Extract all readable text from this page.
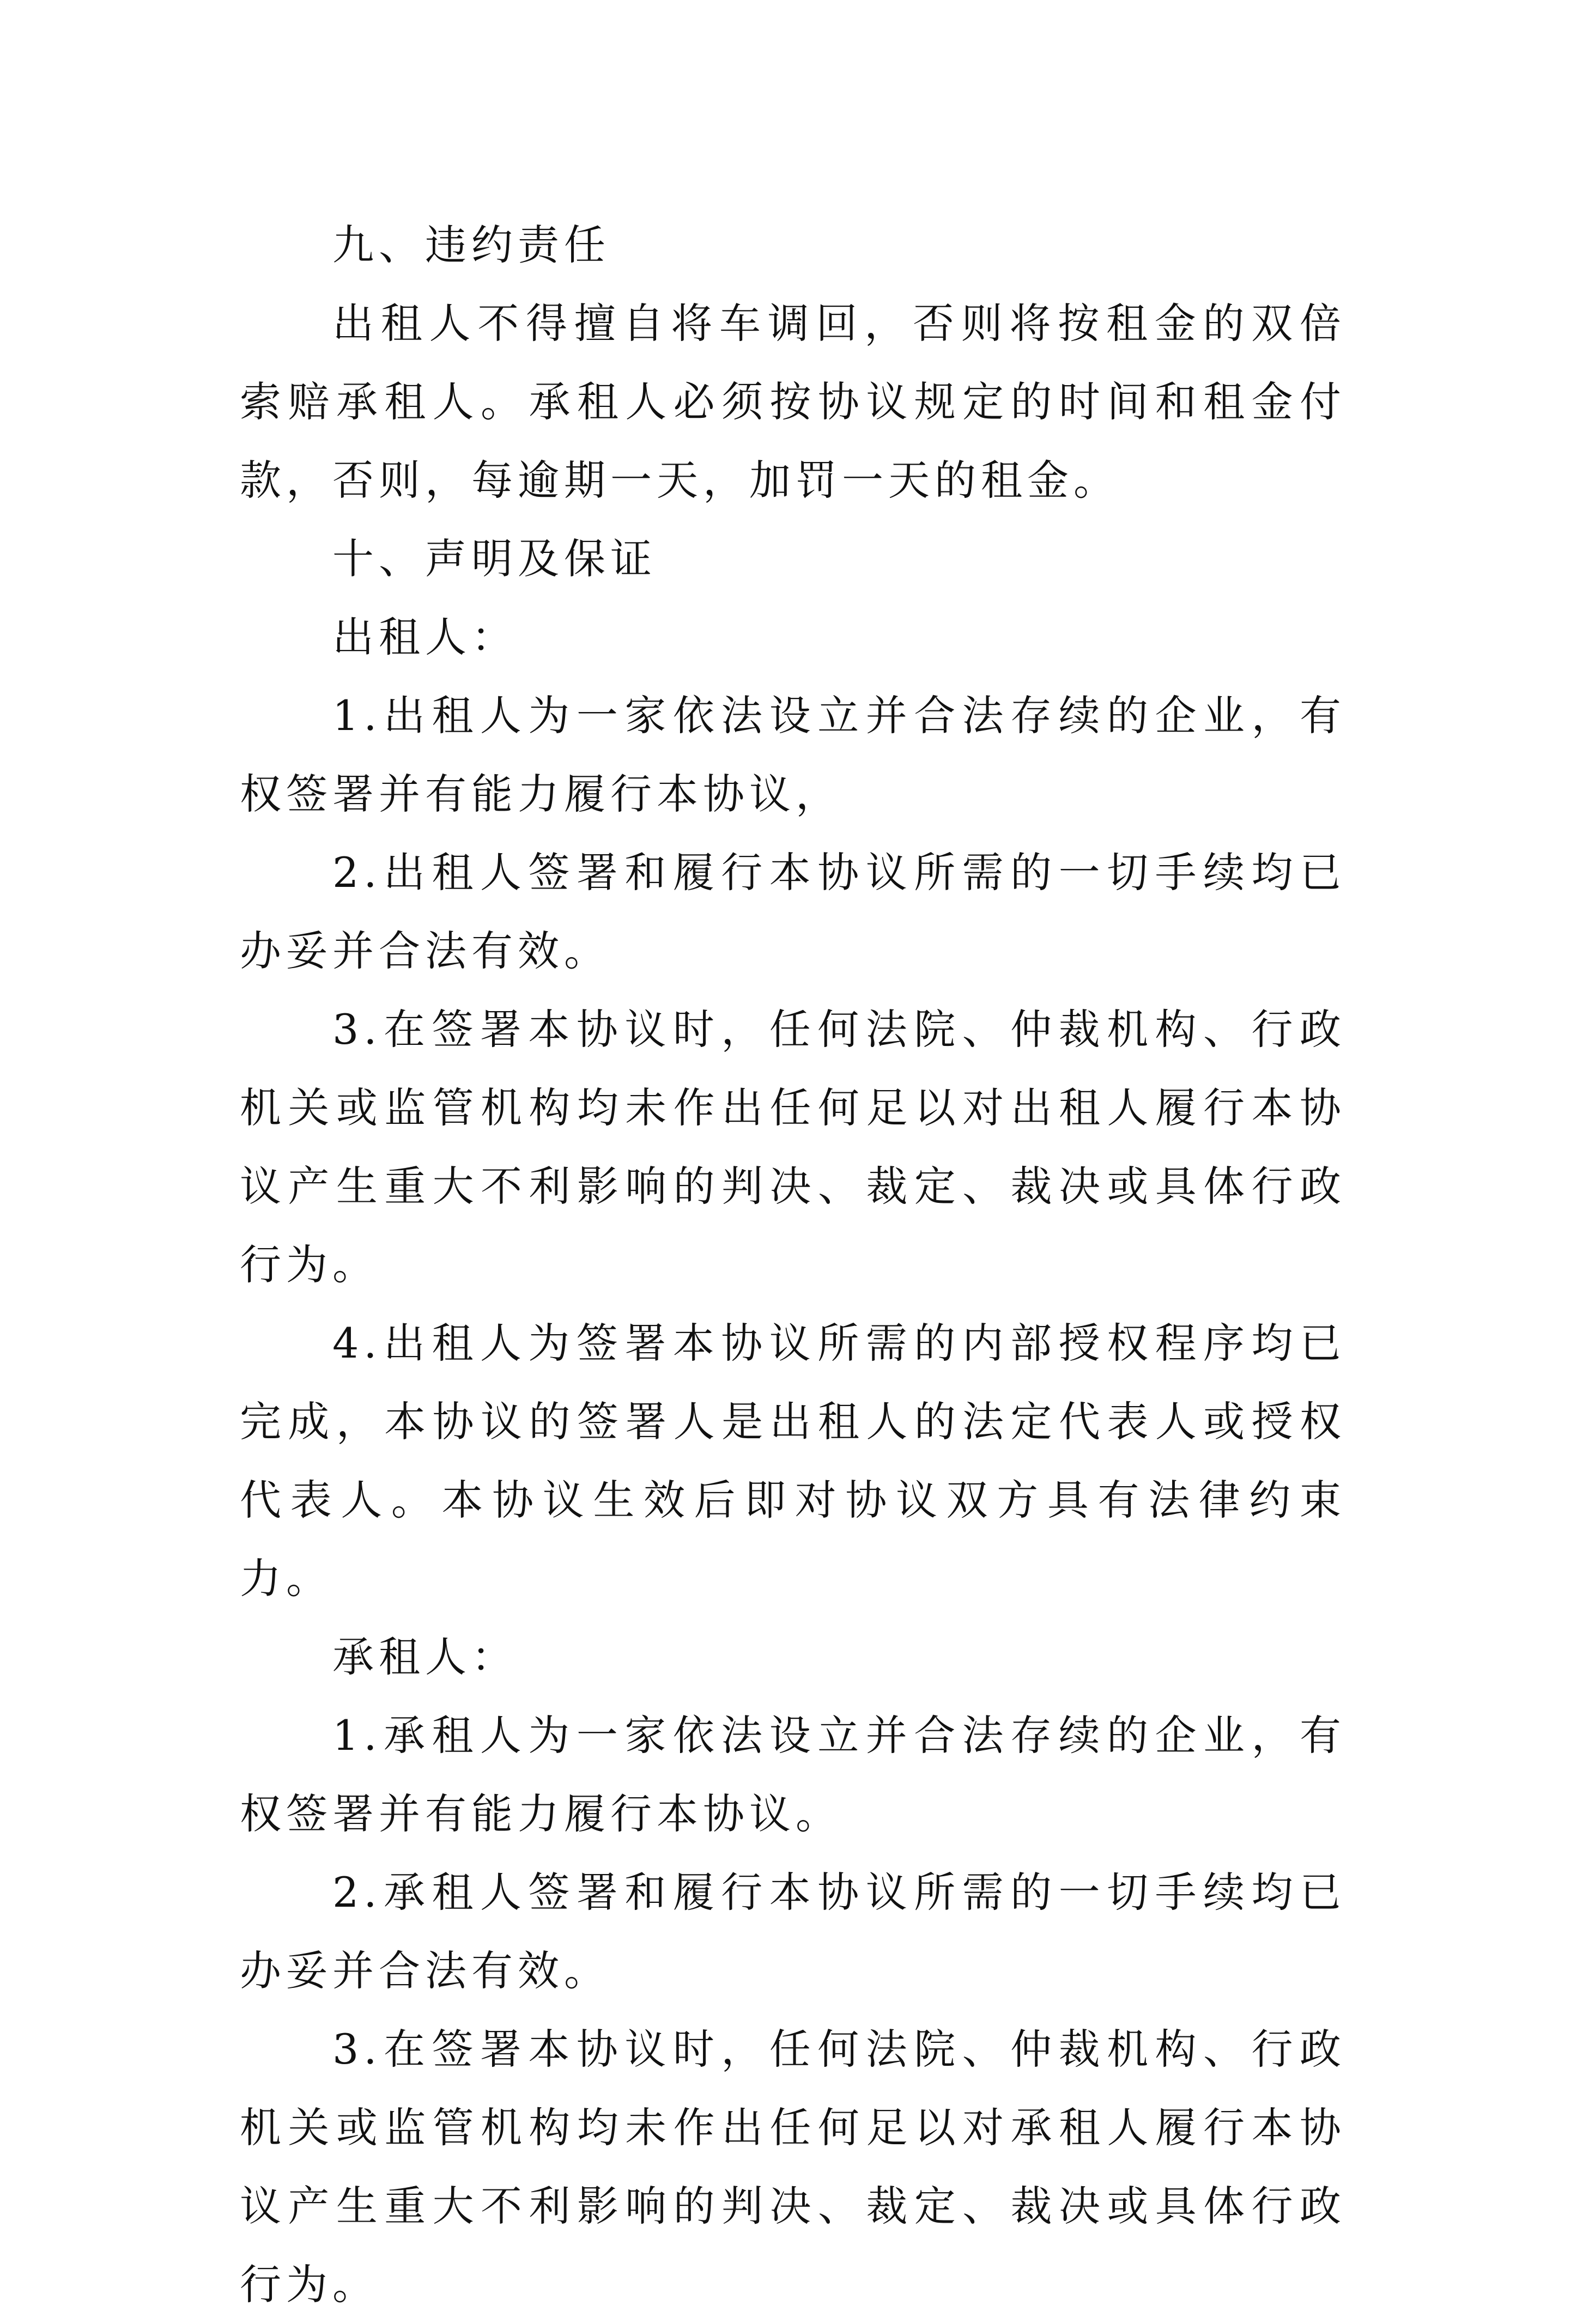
九、违约责任

出租人不得擅自将车调回，否则将按租金的双倍索赔承租人。承租人必须按协议规定的时间和租金付款，否则，每逾期一天，加罚一天的租金。

十、声明及保证

出租人：

1.出租人为一家依法设立并合法存续的企业，有权签署并有能力履行本协议，

2.出租人签署和履行本协议所需的一切手续均已办妥并合法有效。

3.在签署本协议时，任何法院、仲裁机构、行政机关或监管机构均未作出任何足以对出租人履行本协议产生重大不利影响的判决、裁定、裁决或具体行政行为。

4.出租人为签署本协议所需的内部授权程序均已完成，本协议的签署人是出租人的法定代表人或授权代表人。本协议生效后即对协议双方具有法律约束力。

承租人：

1.承租人为一家依法设立并合法存续的企业，有权签署并有能力履行本协议。

2.承租人签署和履行本协议所需的一切手续均已办妥并合法有效。

3.在签署本协议时，任何法院、仲裁机构、行政机关或监管机构均未作出任何足以对承租人履行本协议产生重大不利影响的判决、裁定、裁决或具体行政行为。
